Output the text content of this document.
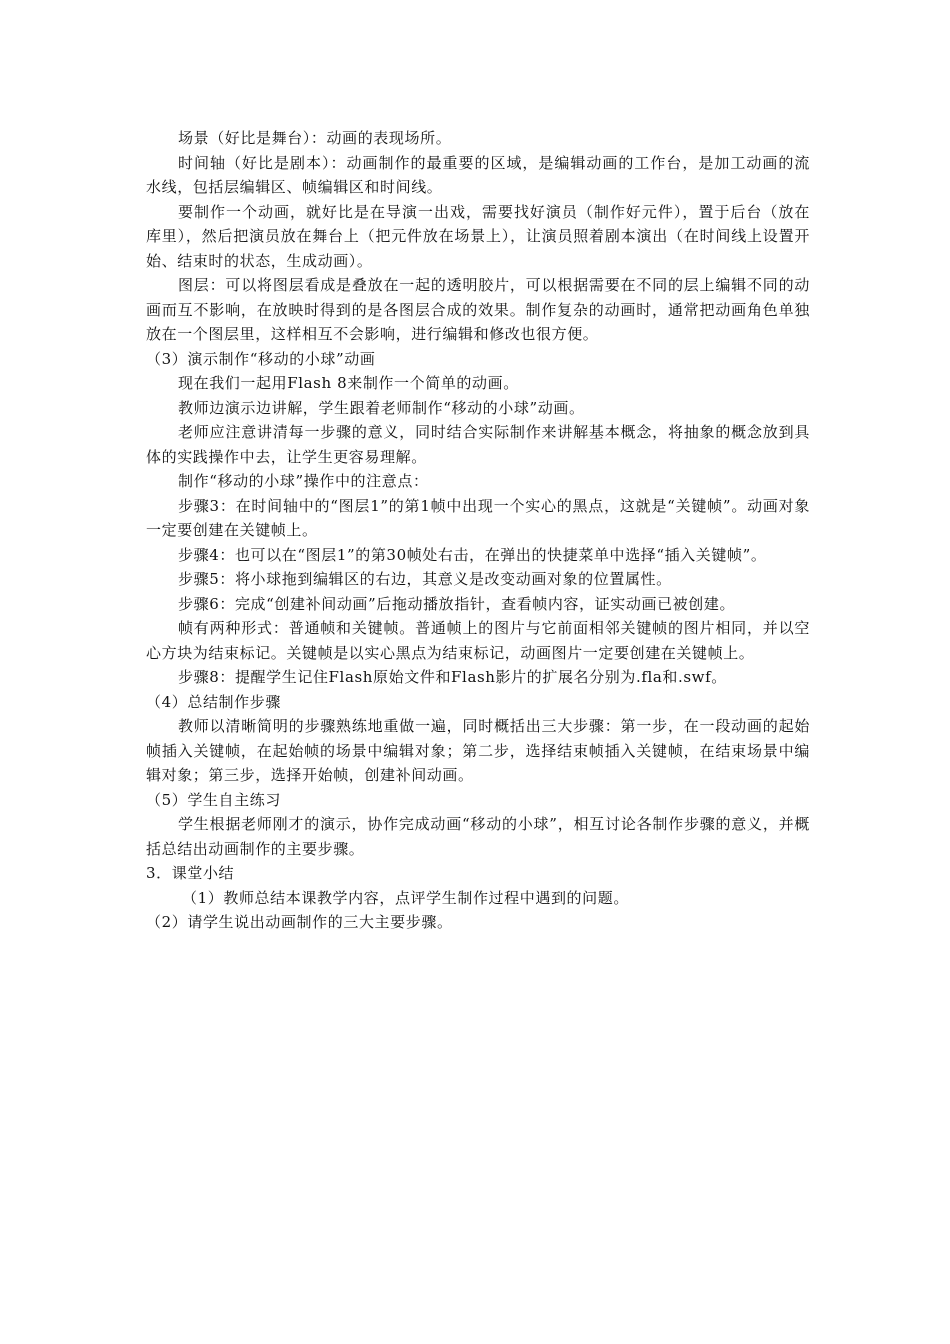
场景（好比是舞台）：动画的表现场所。

时间轴（好比是剧本）：动画制作的最重要的区域，是编辑动画的工作台，是加工动画的流水线，包括层编辑区、帧编辑区和时间线。

要制作一个动画，就好比是在导演一出戏，需要找好演员（制作好元件），置于后台（放在库里），然后把演员放在舞台上（把元件放在场景上），让演员照着剧本演出（在时间线上设置开始、结束时的状态，生成动画）。

图层：可以将图层看成是叠放在一起的透明胶片，可以根据需要在不同的层上编辑不同的动画而互不影响，在放映时得到的是各图层合成的效果。制作复杂的动画时，通常把动画角色单独放在一个图层里，这样相互不会影响，进行编辑和修改也很方便。

（3）演示制作“移动的小球”动画

现在我们一起用Flash 8来制作一个简单的动画。

教师边演示边讲解，学生跟着老师制作“移动的小球”动画。

老师应注意讲清每一步骤的意义，同时结合实际制作来讲解基本概念，将抽象的概念放到具体的实践操作中去，让学生更容易理解。

制作“移动的小球”操作中的注意点：

步骤3：在时间轴中的“图层1”的第1帧中出现一个实心的黑点，这就是“关键帧”。动画对象一定要创建在关键帧上。

步骤4：也可以在“图层1”的第30帧处右击，在弹出的快捷菜单中选择“插入关键帧”。

步骤5：将小球拖到编辑区的右边，其意义是改变动画对象的位置属性。

步骤6：完成“创建补间动画”后拖动播放指针，查看帧内容，证实动画已被创建。

帧有两种形式：普通帧和关键帧。普通帧上的图片与它前面相邻关键帧的图片相同，并以空心方块为结束标记。关键帧是以实心黑点为结束标记，动画图片一定要创建在关键帧上。

步骤8：提醒学生记住Flash原始文件和Flash影片的扩展名分别为.fla和.swf。

（4）总结制作步骤

教师以清晰简明的步骤熟练地重做一遍，同时概括出三大步骤：第一步，在一段动画的起始帧插入关键帧，在起始帧的场景中编辑对象；第二步，选择结束帧插入关键帧，在结束场景中编辑对象；第三步，选择开始帧，创建补间动画。

（5）学生自主练习

学生根据老师刚才的演示，协作完成动画“移动的小球”，相互讨论各制作步骤的意义，并概括总结出动画制作的主要步骤。

3．课堂小结

（1）教师总结本课教学内容，点评学生制作过程中遇到的问题。

（2）请学生说出动画制作的三大主要步骤。
